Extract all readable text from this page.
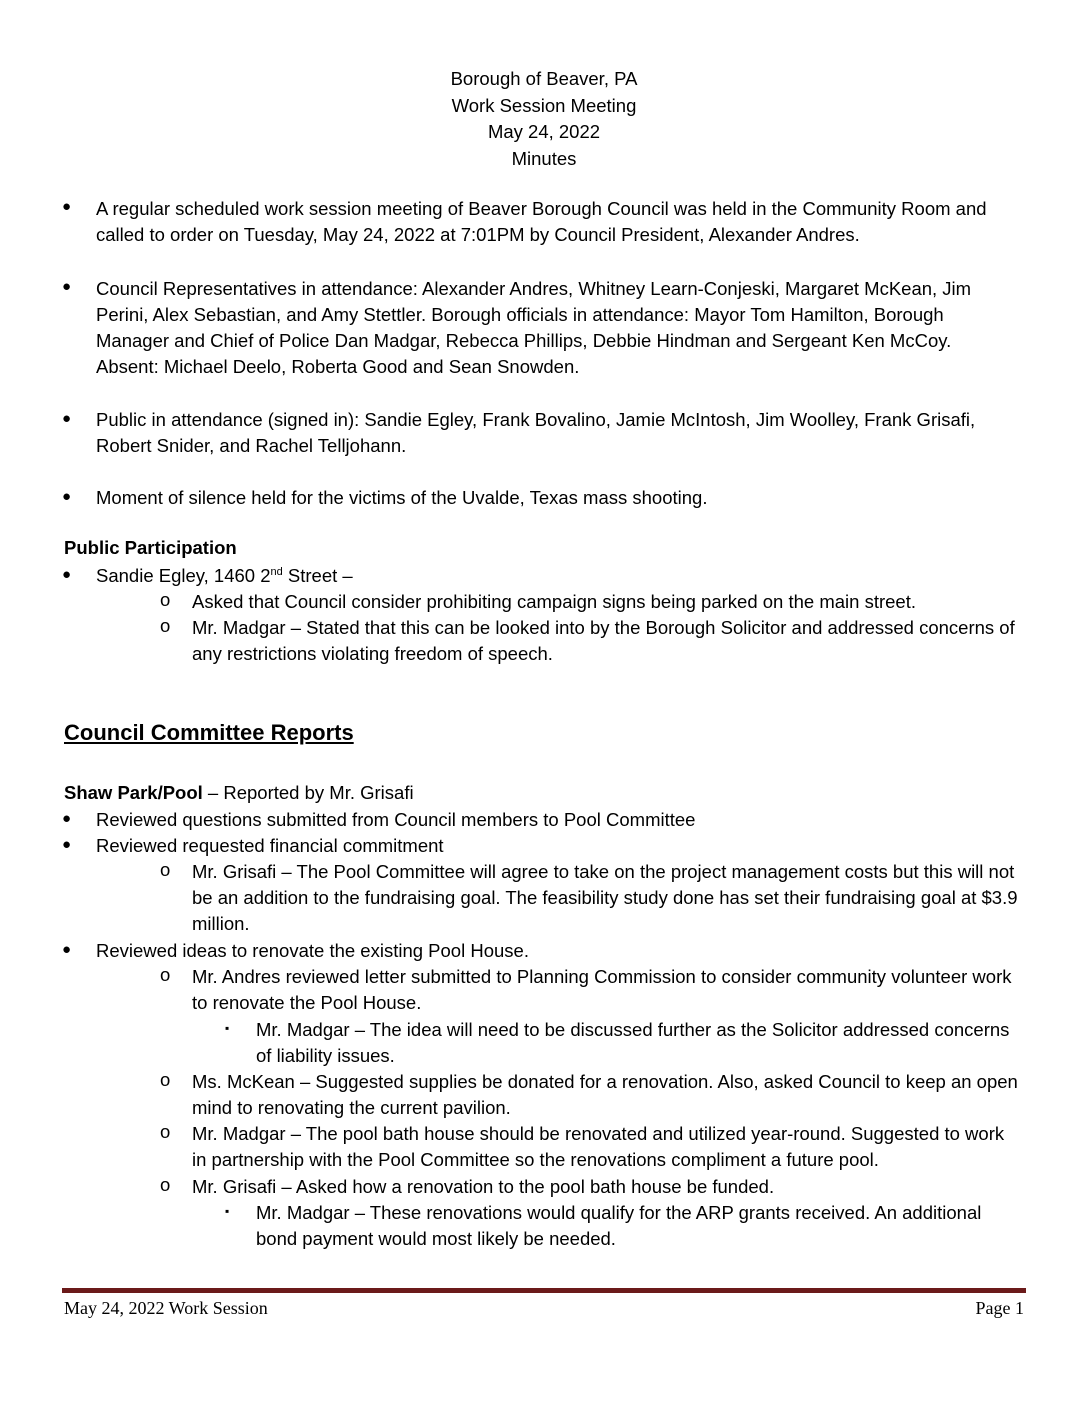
Borough of Beaver, PA
Work Session Meeting
May 24, 2022
Minutes
● A regular scheduled work session meeting of Beaver Borough Council was held in the Community Room and called to order on Tuesday, May 24, 2022 at 7:01PM by Council President, Alexander Andres.
● Council Representatives in attendance: Alexander Andres, Whitney Learn-Conjeski, Margaret McKean, Jim Perini, Alex Sebastian, and Amy Stettler. Borough officials in attendance: Mayor Tom Hamilton, Borough Manager and Chief of Police Dan Madgar, Rebecca Phillips, Debbie Hindman and Sergeant Ken McCoy. Absent: Michael Deelo, Roberta Good and Sean Snowden.
● Public in attendance (signed in): Sandie Egley, Frank Bovalino, Jamie McIntosh, Jim Woolley, Frank Grisafi, Robert Snider, and Rachel Telljohann.
● Moment of silence held for the victims of the Uvalde, Texas mass shooting.
Public Participation
● Sandie Egley, 1460 2nd Street –
o Asked that Council consider prohibiting campaign signs being parked on the main street.
o Mr. Madgar – Stated that this can be looked into by the Borough Solicitor and addressed concerns of any restrictions violating freedom of speech.
Council Committee Reports
Shaw Park/Pool – Reported by Mr. Grisafi
● Reviewed questions submitted from Council members to Pool Committee
● Reviewed requested financial commitment
o Mr. Grisafi – The Pool Committee will agree to take on the project management costs but this will not be an addition to the fundraising goal. The feasibility study done has set their fundraising goal at $3.9 million.
● Reviewed ideas to renovate the existing Pool House.
o Mr. Andres reviewed letter submitted to Planning Commission to consider community volunteer work to renovate the Pool House.
▪ Mr. Madgar – The idea will need to be discussed further as the Solicitor addressed concerns of liability issues.
o Ms. McKean – Suggested supplies be donated for a renovation. Also, asked Council to keep an open mind to renovating the current pavilion.
o Mr. Madgar – The pool bath house should be renovated and utilized year-round. Suggested to work in partnership with the Pool Committee so the renovations compliment a future pool.
o Mr. Grisafi – Asked how a renovation to the pool bath house be funded.
▪ Mr. Madgar – These renovations would qualify for the ARP grants received. An additional bond payment would most likely be needed.
May 24, 2022 Work Session	Page 1
